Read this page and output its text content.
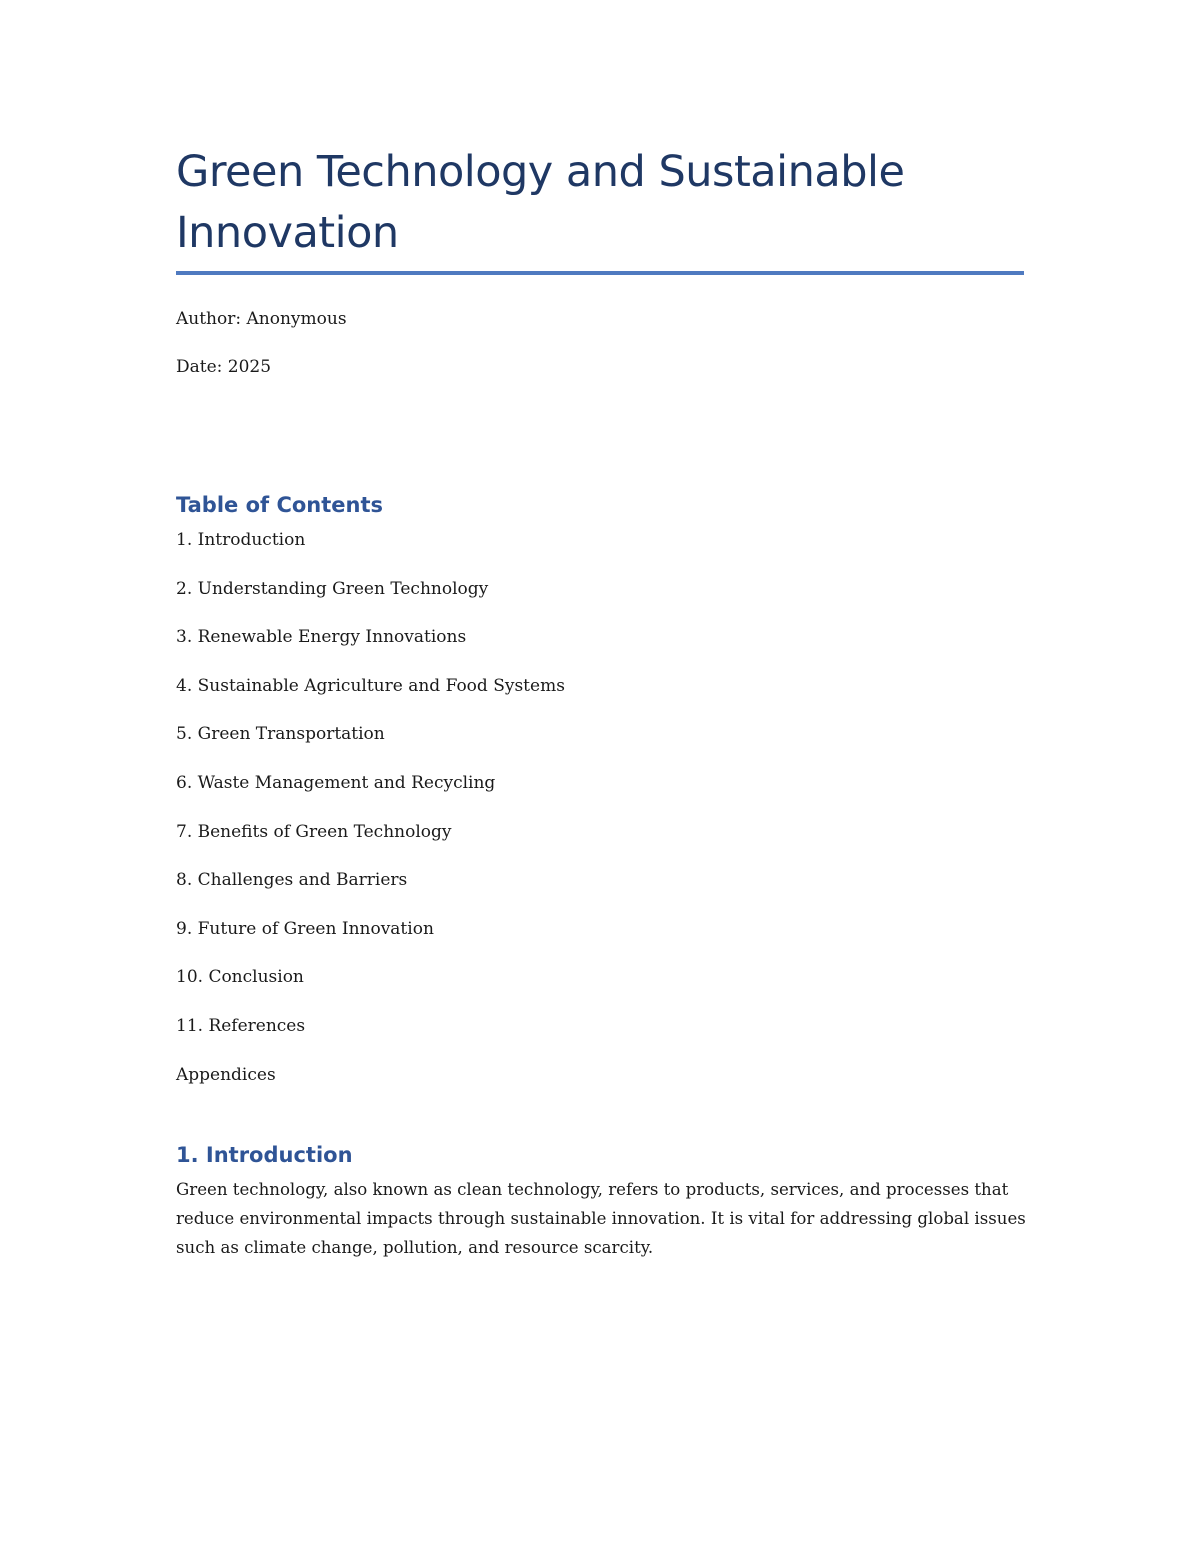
Green Technology and Sustainable Innovation

Author: Anonymous

Date: 2025

Table of Contents
1. Introduction
2. Understanding Green Technology
3. Renewable Energy Innovations
4. Sustainable Agriculture and Food Systems
5. Green Transportation
6. Waste Management and Recycling
7. Benefits of Green Technology
8. Challenges and Barriers
9. Future of Green Innovation
10. Conclusion
11. References
Appendices
1. Introduction

Green technology, also known as clean technology, refers to products, services, and processes that reduce environmental impacts through sustainable innovation. It is vital for addressing global issues such as climate change, pollution, and resource scarcity.
